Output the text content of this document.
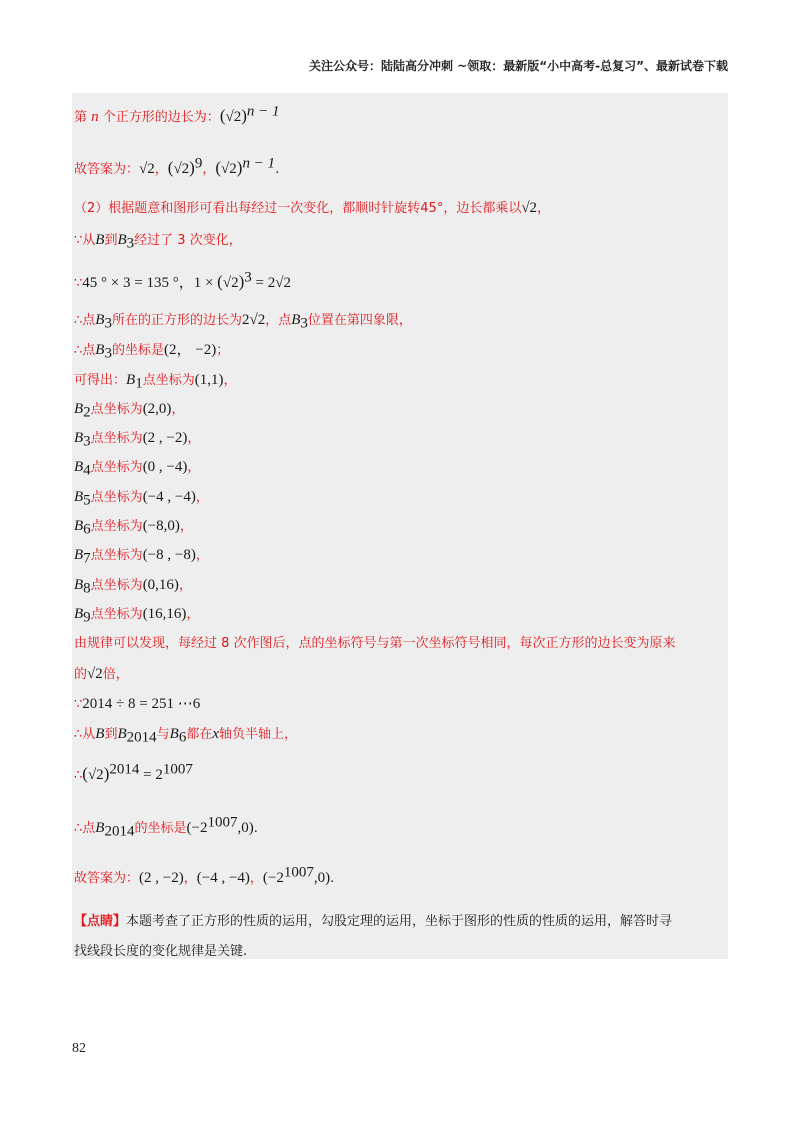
关注公众号：陆陆高分冲刺 ~领取：最新版“小中高考-总复习”、最新试卷下载
第 n 个正方形的边长为：$(√2)^{n - 1}$
故答案为：√2，$(√2)^9$，$(√2)^{n - 1}$.
（2）根据题意和图形可看出每经过一次变化，都顺时针旋转45°，边长都乘以√2，
∵从B到$B_3$经过了 3 次变化，
∵45 ° × 3 = 135 °，$1 \times (√2)^3 = 2√2$
∴点$B_3$所在的正方形的边长为2√2，点$B_3$位置在第四象限，
∴点$B_3$的坐标是(2， −2)；
可得出：$B_1$点坐标为(1,1)，
$B_2$点坐标为(2,0)，
$B_3$点坐标为(2 , −2)，
$B_4$点坐标为(0 , −4)，
$B_5$点坐标为(−4 , −4)，
$B_6$点坐标为(−8,0)，
$B_7$点坐标为(−8 , −8)，
$B_8$点坐标为(0,16)，
$B_9$点坐标为(16,16)，
由规律可以发现，每经过 8 次作图后，点的坐标符号与第一次坐标符号相同，每次正方形的边长变为原来
的√2倍，
∵2014 ÷ 8 = 251 ⋯6
∴从B到$B_{2014}$与$B_6$都在x轴负半轴上，
$\therefore(√2)^{2014} = 2^{1007}$
∴点$B_{2014}$的坐标是$(-2^{1007},0)$.
故答案为：(2 , −2)，(−4 , −4)，$(-2^{1007},0)$.
【点睛】本题考查了正方形的性质的运用，勾股定理的运用，坐标于图形的性质的性质的运用，解答时寻
找线段长度的变化规律是关键.
82
